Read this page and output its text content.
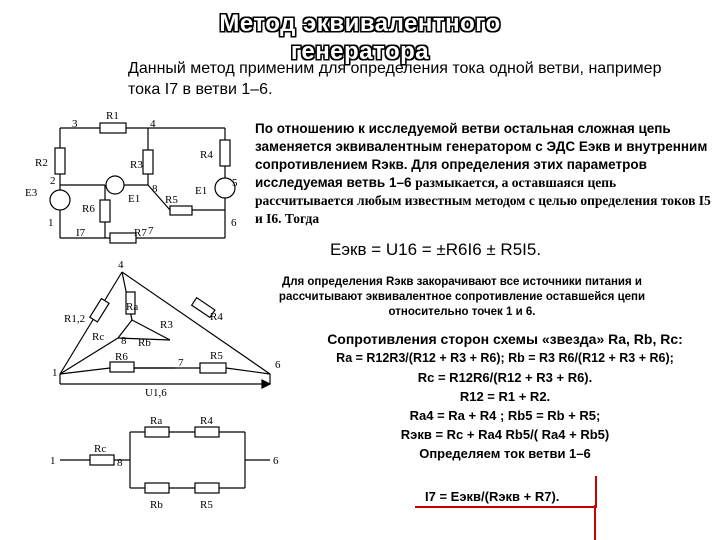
Метод эквивалентного генератора
Данный метод применим для определения тока одной ветви, например тока I7 в ветви 1–6.
По отношению к исследуемой ветви остальная сложная цепь заменяется эквивалентным генератором с ЭДС Eэкв и внутренним сопротивлением Rэкв. Для определения этих параметров исследуемая ветвь 1–6 размыкается, а оставшаяся цепь рассчитывается любым известным методом с целью определения токов I5 и I6. Тогда
Eэкв = U16 = ±R6I6 ± R5I5.
Для определения Rэкв закорачивают все источники питания и рассчитывают эквивалентное сопротивление оставшейся цепи относительно точек 1 и 6.
Сопротивления сторон схемы «звезда» Ra, Rb, Rc:
Ra = R12R3/(R12 + R3 + R6); Rb = R3 R6/(R12 + R3 + R6);
Rc = R12R6/(R12 + R3 + R6).
R12 = R1 + R2.
Ra4 = Ra + R4 ; Rb5 = Rb + R5;
Rэкв = Rc + Ra4 Rb5/( Ra4 + Rb5)
Определяем ток ветви 1–6
I7 = Eэкв/(Rэкв + R7).
3
R1
4
R2	R3
R4
2
E3	8
E1
5
R6
E1
R5
1
I7	R7 7
6
4
Ra
R1,2	R3
R4
Rc 8 Rb
1
R6	7
R5
6
U1,6
Ra	R4
1
Rc
8	6
Rb	R5
